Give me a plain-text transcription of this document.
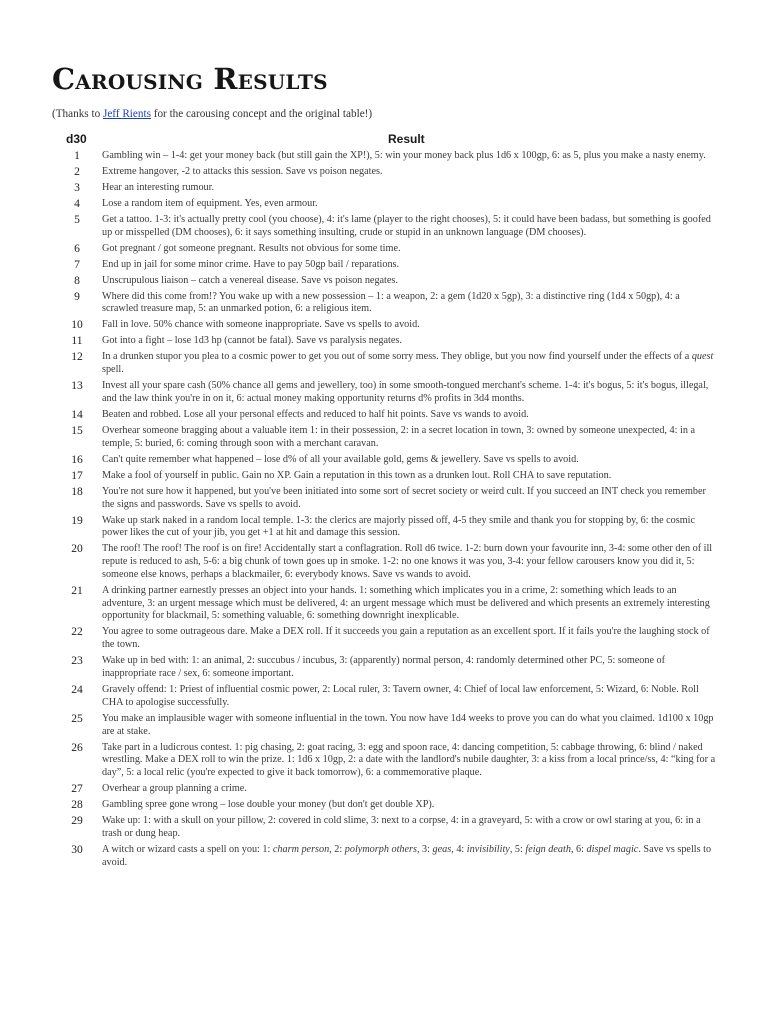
Carousing Results

(Thanks to Jeff Rients for the carousing concept and the original table!)

d30	Result
1	Gambling win – 1-4: get your money back (but still gain the XP!), 5: win your money back plus 1d6 x 100gp, 6: as 5, plus you make a nasty enemy.
2	Extreme hangover, -2 to attacks this session. Save vs poison negates.
3	Hear an interesting rumour.
4	Lose a random item of equipment. Yes, even armour.
5	Get a tattoo. 1-3: it's actually pretty cool (you choose), 4: it's lame (player to the right chooses), 5: it could have been badass, but something is goofed up or misspelled (DM chooses), 6: it says something insulting, crude or stupid in an unknown language (DM chooses).
6	Got pregnant / got someone pregnant. Results not obvious for some time.
7	End up in jail for some minor crime. Have to pay 50gp bail / reparations.
8	Unscrupulous liaison – catch a venereal disease. Save vs poison negates.
9	Where did this come from!? You wake up with a new possession – 1: a weapon, 2: a gem (1d20 x 5gp), 3: a distinctive ring (1d4 x 50gp), 4: a scrawled treasure map, 5: an unmarked potion, 6: a religious item.
10	Fall in love. 50% chance with someone inappropriate. Save vs spells to avoid.
11	Got into a fight – lose 1d3 hp (cannot be fatal). Save vs paralysis negates.
12	In a drunken stupor you plea to a cosmic power to get you out of some sorry mess. They oblige, but you now find yourself under the effects of a quest spell.
13	Invest all your spare cash (50% chance all gems and jewellery, too) in some smooth-tongued merchant's scheme. 1-4: it's bogus, 5: it's bogus, illegal, and the law think you're in on it, 6: actual money making opportunity returns d% profits in 3d4 months.
14	Beaten and robbed. Lose all your personal effects and reduced to half hit points. Save vs wands to avoid.
15	Overhear someone bragging about a valuable item 1: in their possession, 2: in a secret location in town, 3: owned by someone unexpected, 4: in a temple, 5: buried, 6: coming through soon with a merchant caravan.
16	Can't quite remember what happened – lose d% of all your available gold, gems & jewellery. Save vs spells to avoid.
17	Make a fool of yourself in public. Gain no XP. Gain a reputation in this town as a drunken lout. Roll CHA to save reputation.
18	You're not sure how it happened, but you've been initiated into some sort of secret society or weird cult. If you succeed an INT check you remember the signs and passwords. Save vs spells to avoid.
19	Wake up stark naked in a random local temple. 1-3: the clerics are majorly pissed off, 4-5 they smile and thank you for stopping by, 6: the cosmic power likes the cut of your jib, you get +1 at hit and damage this session.
20	The roof! The roof! The roof is on fire! Accidentally start a conflagration. Roll d6 twice. 1-2: burn down your favourite inn, 3-4: some other den of ill repute is reduced to ash, 5-6: a big chunk of town goes up in smoke. 1-2: no one knows it was you, 3-4: your fellow carousers know you did it, 5: someone else knows, perhaps a blackmailer, 6: everybody knows. Save vs wands to avoid.
21	A drinking partner earnestly presses an object into your hands. 1: something which implicates you in a crime, 2: something which leads to an adventure, 3: an urgent message which must be delivered, 4: an urgent message which must be delivered and which presents an extremely interesting opportunity for blackmail, 5: something valuable, 6: something downright inexplicable.
22	You agree to some outrageous dare. Make a DEX roll. If it succeeds you gain a reputation as an excellent sport. If it fails you're the laughing stock of the town.
23	Wake up in bed with: 1: an animal, 2: succubus / incubus, 3: (apparently) normal person, 4: randomly determined other PC, 5: someone of inappropriate race / sex, 6: someone important.
24	Gravely offend: 1: Priest of influential cosmic power, 2: Local ruler, 3: Tavern owner, 4: Chief of local law enforcement, 5: Wizard, 6: Noble. Roll CHA to apologise successfully.
25	You make an implausible wager with someone influential in the town. You now have 1d4 weeks to prove you can do what you claimed. 1d100 x 10gp are at stake.
26	Take part in a ludicrous contest. 1: pig chasing, 2: goat racing, 3: egg and spoon race, 4: dancing competition, 5: cabbage throwing, 6: blind / naked wrestling. Make a DEX roll to win the prize. 1: 1d6 x 10gp, 2: a date with the landlord's nubile daughter, 3: a kiss from a local prince/ss, 4: “king for a day”, 5: a local relic (you're expected to give it back tomorrow), 6: a commemorative plaque.
27	Overhear a group planning a crime.
28	Gambling spree gone wrong – lose double your money (but don't get double XP).
29	Wake up: 1: with a skull on your pillow, 2: covered in cold slime, 3: next to a corpse, 4: in a graveyard, 5: with a crow or owl staring at you, 6: in a trash or dung heap.
30	A witch or wizard casts a spell on you: 1: charm person, 2: polymorph others, 3: geas, 4: invisibility, 5: feign death, 6: dispel magic. Save vs spells to avoid.
